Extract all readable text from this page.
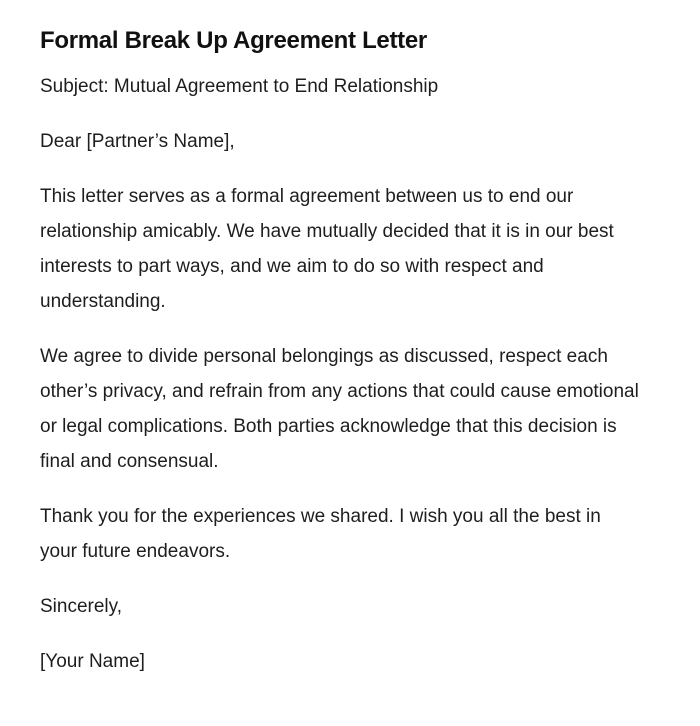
Formal Break Up Agreement Letter

Subject: Mutual Agreement to End Relationship

Dear [Partner’s Name],

This letter serves as a formal agreement between us to end our relationship amicably. We have mutually decided that it is in our best interests to part ways, and we aim to do so with respect and understanding.

We agree to divide personal belongings as discussed, respect each other’s privacy, and refrain from any actions that could cause emotional or legal complications. Both parties acknowledge that this decision is final and consensual.

Thank you for the experiences we shared. I wish you all the best in your future endeavors.

Sincerely,

[Your Name]
